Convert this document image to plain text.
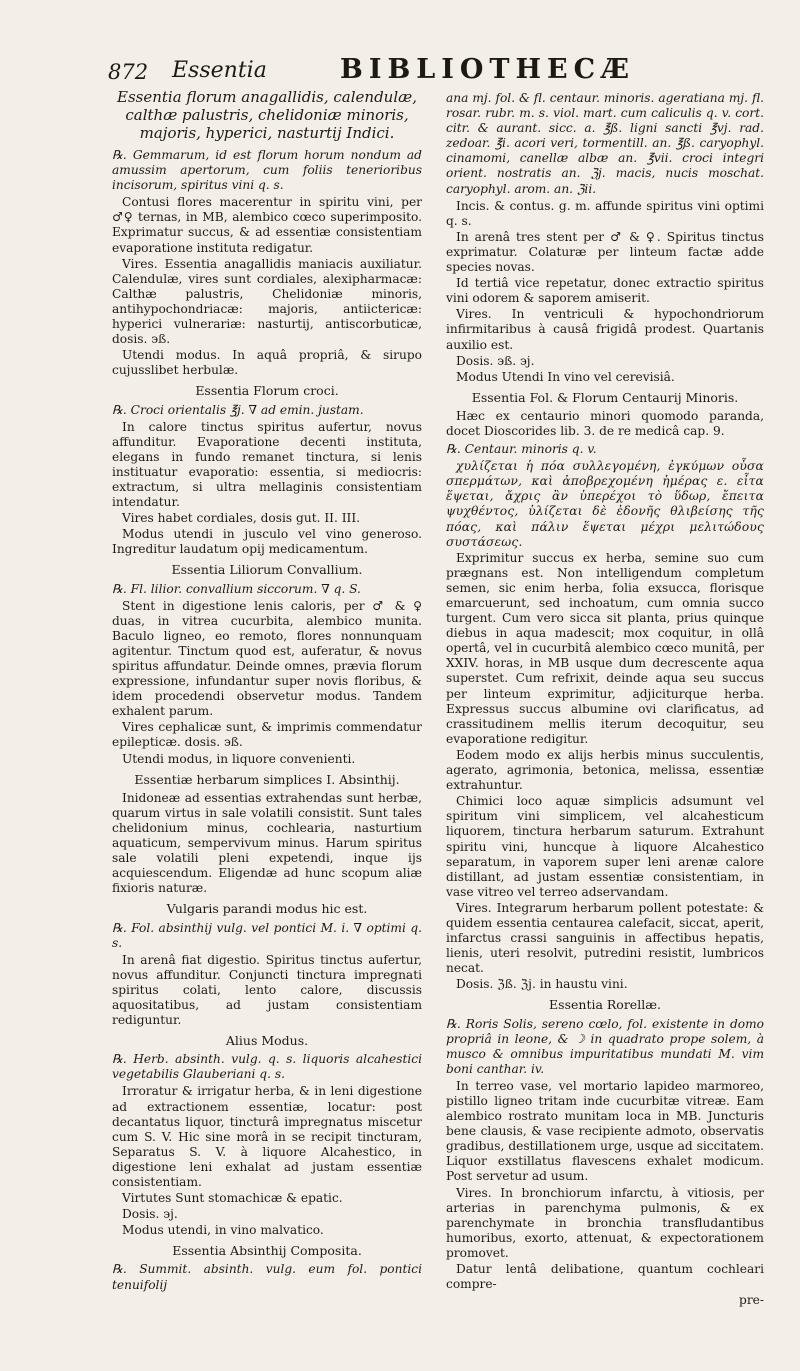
872 Essentia	BIBLIOTHECÆ
Essentia florum anagallidis, calendulæ, calthæ palustris, chelidoniæ minoris, majoris, hyperici, nasturtij Indici.
℞. Gemmarum, id est florum horum nondum ad amussim apertorum, cum foliis tenerioribus incisorum, spiritus vini q. s.

Contusi flores macerentur in spiritu vini, per ♂♀ ternas, in MB, alembico cœco superimposito. Exprimatur succus, & ad essentiæ consistentiam evaporatione instituta redigatur.

Vires. Essentia anagallidis maniacis auxiliatur. Calendulæ, vires sunt cordiales, alexipharmacæ: Calthæ palustris, Chelidoniæ minoris, antihypochondriacæ: majoris, antiictericæ: hyperici vulnerariæ: nasturtij, antiscorbuticæ, dosis. ϶ß.

Utendi modus. In aquâ propriâ, & sirupo cujusslibet herbulæ.

Essentia Florum croci.
℞. Croci orientalis ℥j. ∇ ad emin. justam.

In calore tinctus spiritus aufertur, novus affunditur. Evaporatione decenti instituta, elegans in fundo remanet tinctura, si lenis instituatur evaporatio: essentia, si mediocris: extractum, si ultra mellaginis consistentiam intendatur.

Vires habet cordiales, dosis gut. II. III.

Modus utendi in jusculo vel vino generoso. Ingreditur laudatum opij medicamentum.

Essentia Liliorum Convallium.
℞. Fl. lilior. convallium siccorum. ∇ q. S.

Stent in digestione lenis caloris, per ♂ & ♀ duas, in vitrea cucurbita, alembico munita. Baculo ligneo, eo remoto, flores nonnunquam agitentur. Tinctum quod est, auferatur, & novus spiritus affundatur. Deinde omnes, prævia florum expressione, infundantur super novis floribus, & idem procedendi observetur modus. Tandem exhalent parum.

Vires cephalicæ sunt, & imprimis commendatur epilepticæ. dosis. ϶ß.

Utendi modus, in liquore convenienti.

Essentiæ herbarum simplices I. Absinthij.

Inidoneæ ad essentias extrahendas sunt herbæ, quarum virtus in sale volatili consistit. Sunt tales chelidonium minus, cochlearia, nasturtium aquaticum, sempervivum minus. Harum spiritus sale volatili pleni expetendi, inque ijs acquiescendum. Eligendæ ad hunc scopum aliæ fixioris naturæ.

Vulgaris parandi modus hic est.
℞. Fol. absinthij vulg. vel pontici M. i. ∇ optimi q. s.

In arenâ fiat digestio. Spiritus tinctus aufertur, novus affunditur. Conjuncti tinctura impregnati spiritus colati, lento calore, discussis aquositatibus, ad justam consistentiam rediguntur.

Alius Modus.
℞. Herb. absinth. vulg. q. s. liquoris alcahestici vegetabilis Glauberiani q. s.

Irroratur & irrigatur herba, & in leni digestione ad extractionem essentiæ, locatur: post decantatus liquor, tincturâ impregnatus miscetur cum S. V. Hic sine morâ in se recipit tincturam, Separatus S. V. à liquore Alcahestico, in digestione leni exhalat ad justam essentiæ consistentiam.

Virtutes Sunt stomachicæ & epatic.

Dosis. ϶j.

Modus utendi, in vino malvatico.

Essentia Absinthij Composita.
℞. Summit. absinth. vulg. eum fol. pontici tenuifolij
ana mj. fol. & fl. centaur. minoris. ageratiana mj. fl. rosar. rubr. m. s. viol. mart. cum caliculis q. v. cort. citr. & aurant. sicc. a. ℥ß. ligni sancti ℥vj. rad. zedoar. ℥i. acori veri, tormentill. an. ℥ß. caryophyl. cinamomi, canellæ albæ an. ℥vii. croci integri orient. nostratis an. ℨj. macis, nucis moschat. caryophyl. arom. an. ℨii.

Incis. & contus. g. m. affunde spiritus vini optimi q. s.

In arenâ tres stent per ♂ & ♀. Spiritus tinctus exprimatur. Colaturæ per linteum factæ adde species novas.

Id tertiâ vice repetatur, donec extractio spiritus vini odorem & saporem amiserit.

Vires. In ventriculi & hypochondriorum infirmitaribus à causâ frigidâ prodest. Quartanis auxilio est.

Dosis. ϶ß. ϶j.

Modus Utendi In vino vel cerevisiâ.

Essentia Fol. & Florum Centaurij Minoris.

Hæc ex centaurio minori quomodo paranda, docet Dioscorides lib. 3. de re medicâ cap. 9.

℞. Centaur. minoris q. v.
χυλίζεται ἡ πόα συλλεγομένη, ἐγκύμων οὖσα σπερμάτων, καὶ ἀποβρεχομένη ἡμέρας ε. εἶτα ἕψεται, ἄχρις ἂν ὑπερέχοι τὸ ὕδωρ, ἔπειτα ψυχθέντος, ὑλίζεται δὲ ἐδονῆς θλιβείσης τῆς πόας, καὶ πάλιν ἕψεται μέχρι μελιτώδους συστάσεως.

Exprimitur succus ex herba, semine suo cum prægnans est. Non intelligendum completum semen, sic enim herba, folia exsucca, florisque emarcuerunt, sed inchoatum, cum omnia succo turgent. Cum vero sicca sit planta, prius quinque diebus in aqua madescit; mox coquitur, in ollâ opertâ, vel in cucurbitâ alembico cœco munitâ, per XXIV. horas, in MB usque dum decrescente aqua superstet. Cum refrixit, deinde aqua seu succus per linteum exprimitur, adjiciturque herba. Expressus succus albumine ovi clarificatus, ad crassitudinem mellis iterum decoquitur, seu evaporatione redigitur.

Eodem modo ex alijs herbis minus succulentis, agerato, agrimonia, betonica, melissa, essentiæ extrahuntur.

Chimici loco aquæ simplicis adsumunt vel spiritum vini simplicem, vel alcahesticum liquorem, tinctura herbarum saturum. Extrahunt spiritu vini, huncque à liquore Alcahestico separatum, in vaporem super leni arenæ calore distillant, ad justam essentiæ consistentiam, in vase vitreo vel terreo adservandam.

Vires. Integrarum herbarum pollent potestate: & quidem essentia centaurea calefacit, siccat, aperit, infarctus crassi sanguinis in affectibus hepatis, lienis, uteri resolvit, putredini resistit, lumbricos necat.

Dosis. ℨß. ℨj. in haustu vini.

Essentia Rorellæ.
℞. Roris Solis, sereno cœlo, fol. existente in domo propriâ in leone, & ☽ in quadrato prope solem, à musco & omnibus impuritatibus mundati M. vim boni canthar. iv.

In terreo vase, vel mortario lapideo marmoreo, pistillo ligneo tritam inde cucurbitæ vitreæ. Eam alembico rostrato munitam loca in MB. Juncturis bene clausis, & vase recipiente admoto, observatis gradibus, destillationem urge, usque ad siccitatem. Liquor exstillatus flavescens exhalet modicum. Post servetur ad usum.

Vires. In bronchiorum infarctu, à vitiosis, per arterias in parenchyma pulmonis, & ex parenchymate in bronchia transfludantibus humoribus, exorto, attenuat, & expectorationem promovet.

Datur lentâ delibatione, quantum cochleari compre-

pre-
